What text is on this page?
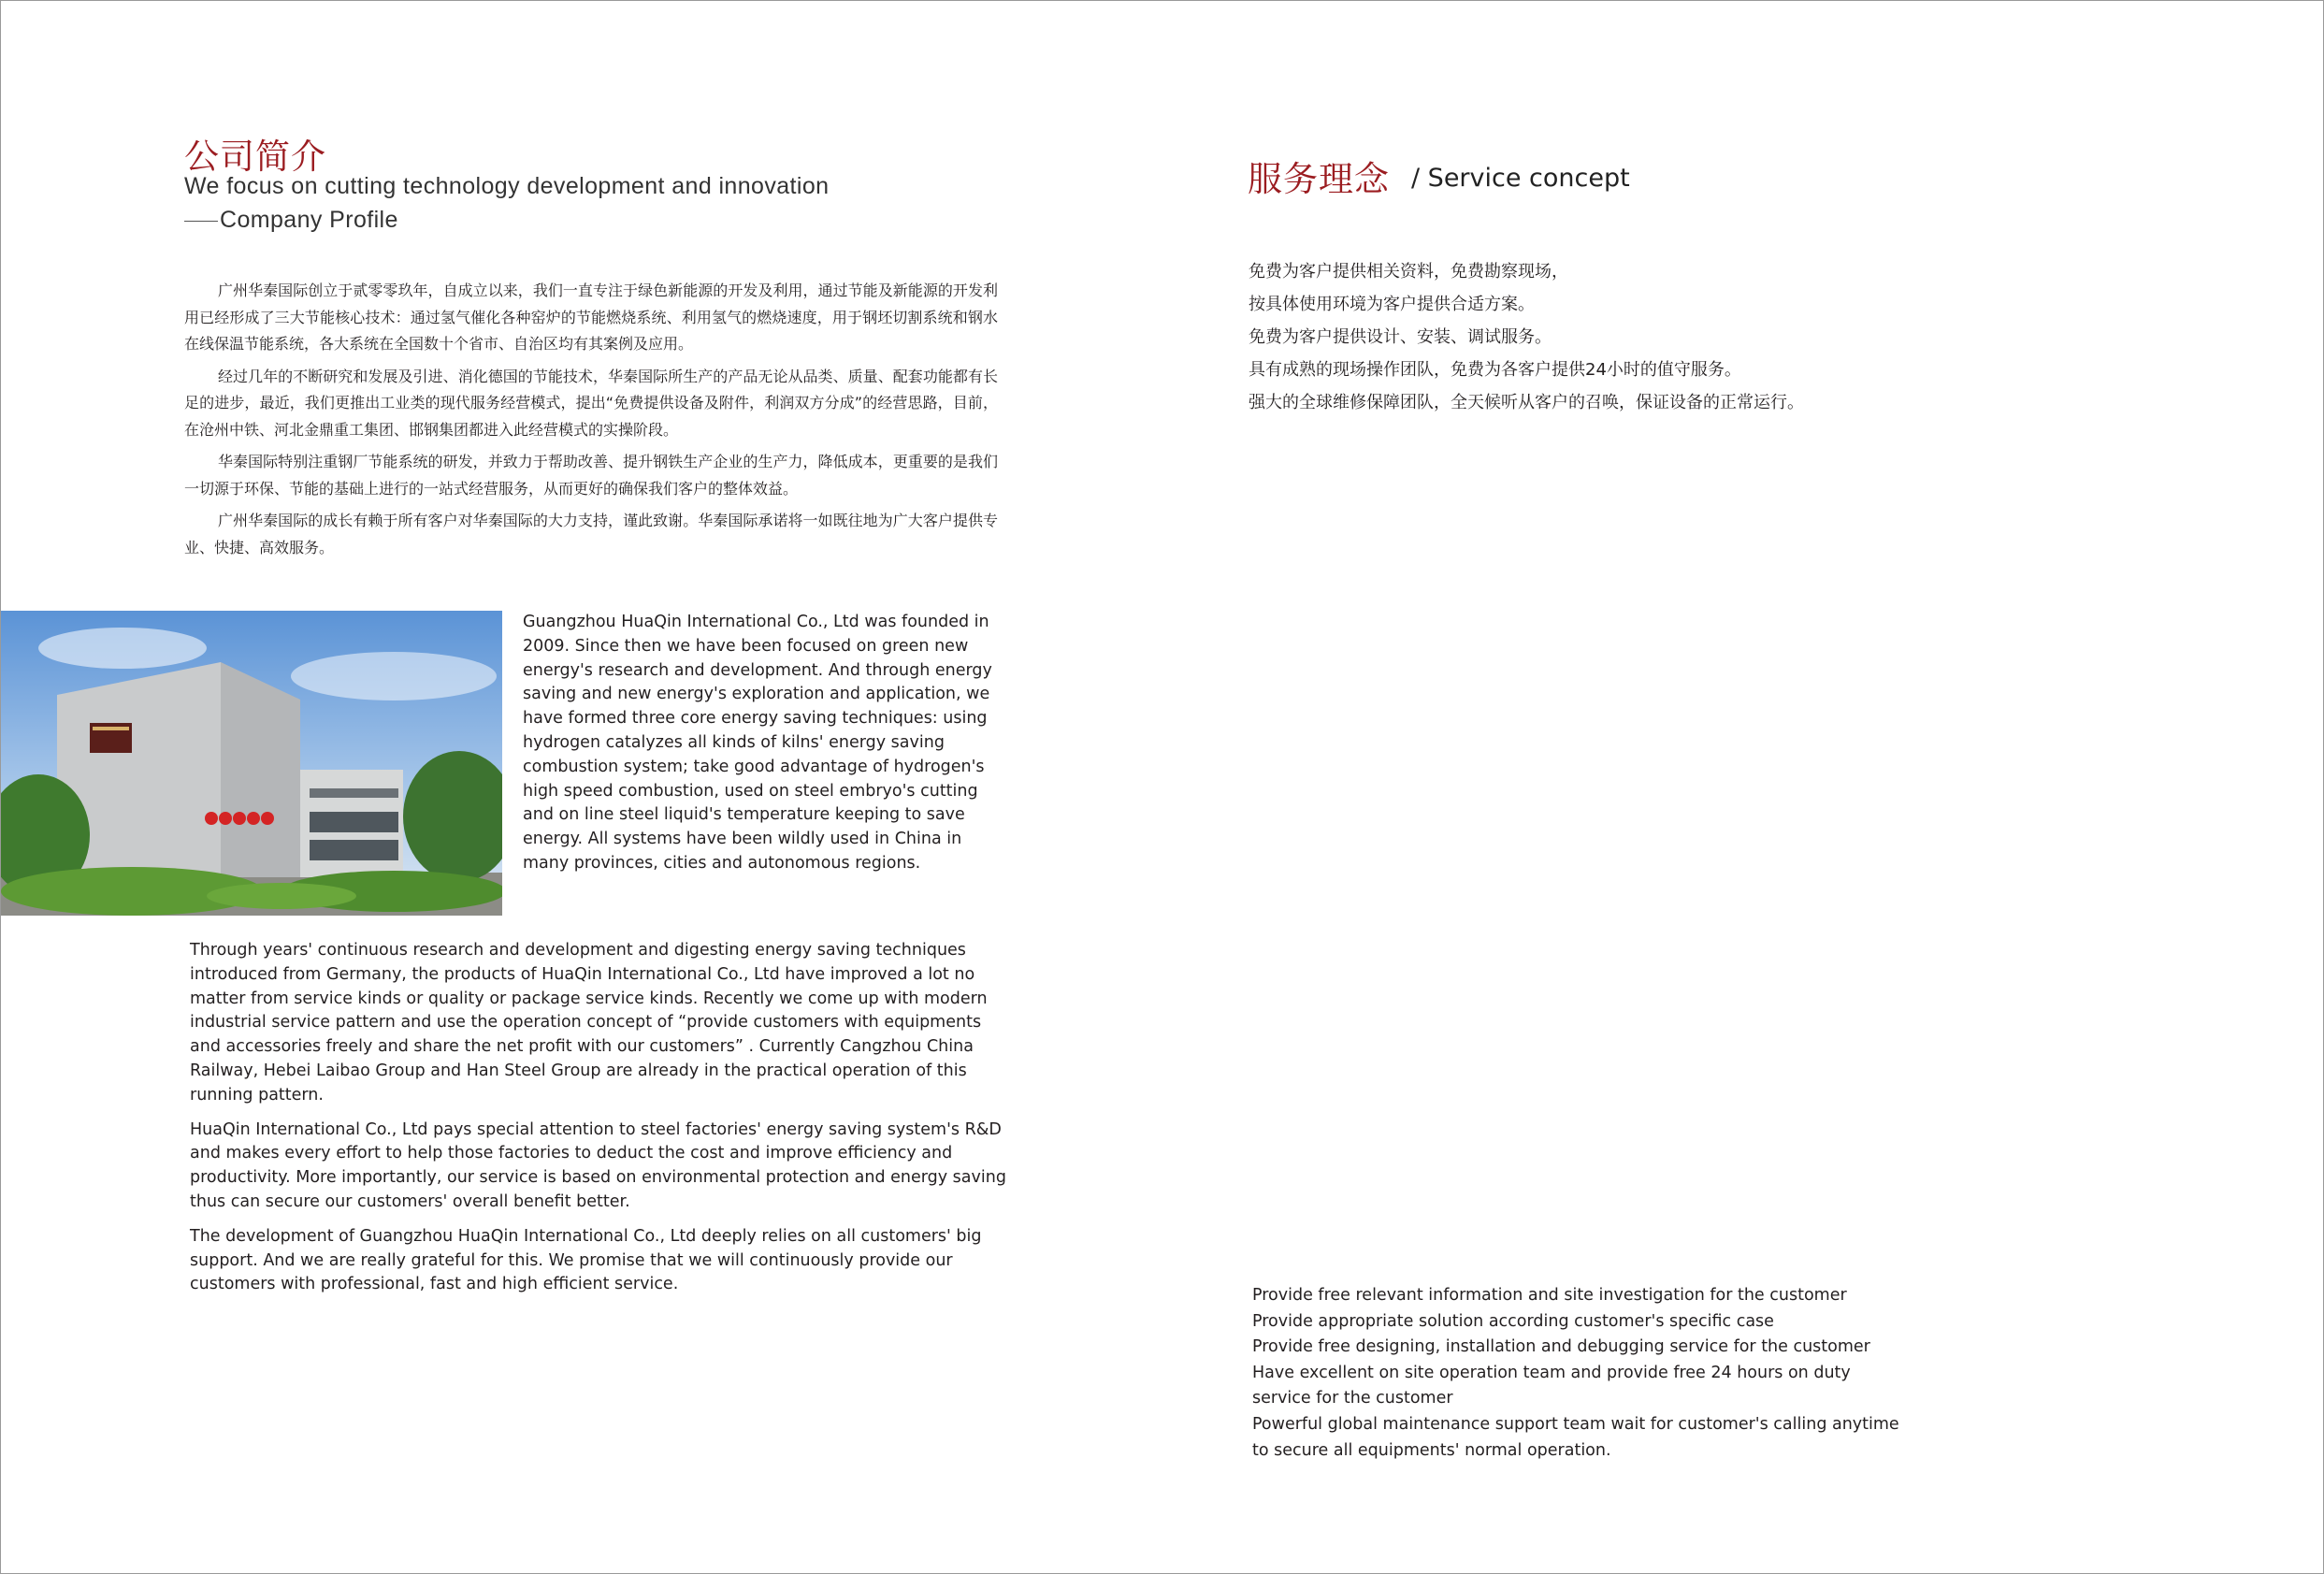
公司简介
We focus on cutting technology development and innovation
Company Profile

广州华秦国际创立于贰零零玖年，自成立以来，我们一直专注于绿色新能源的开发及利用，通过节能及新能源的开发利用已经形成了三大节能核心技术：通过氢气催化各种窑炉的节能燃烧系统、利用氢气的燃烧速度，用于钢坯切割系统和钢水在线保温节能系统，各大系统在全国数十个省市、自治区均有其案例及应用。

经过几年的不断研究和发展及引进、消化德国的节能技术，华秦国际所生产的产品无论从品类、质量、配套功能都有长足的进步，最近，我们更推出工业类的现代服务经营模式，提出“免费提供设备及附件，利润双方分成”的经营思路，目前，在沧州中铁、河北金鼎重工集团、邯钢集团都进入此经营模式的实操阶段。

华秦国际特别注重钢厂节能系统的研发，并致力于帮助改善、提升钢铁生产企业的生产力，降低成本，更重要的是我们一切源于环保、节能的基础上进行的一站式经营服务，从而更好的确保我们客户的整体效益。

广州华秦国际的成长有赖于所有客户对华秦国际的大力支持，谨此致谢。华秦国际承诺将一如既往地为广大客户提供专业、快捷、高效服务。

Guangzhou HuaQin International Co., Ltd was founded in 2009. Since then we have been focused on green new energy's research and development. And through energy saving and new energy's exploration and application, we have formed three core energy saving techniques: using hydrogen catalyzes all kinds of kilns' energy saving combustion system; take good advantage of hydrogen's high speed combustion, used on steel embryo's cutting and on line steel liquid's temperature keeping to save energy. All systems have been wildly used in China in many provinces, cities and autonomous regions.

Through years' continuous research and development and digesting energy saving techniques introduced from Germany, the products of HuaQin International Co., Ltd have improved a lot no matter from service kinds or quality or package service kinds. Recently we come up with modern industrial service pattern and use the operation concept of “provide customers with equipments and accessories freely and share the net profit with our customers” . Currently Cangzhou China Railway, Hebei Laibao Group and Han Steel Group are already in the practical operation of this running pattern.

HuaQin International Co., Ltd pays special attention to steel factories' energy saving system's R&D and makes every effort to help those factories to deduct the cost and improve efficiency and productivity. More importantly, our service is based on environmental protection and energy saving thus can secure our customers' overall benefit better.

The development of Guangzhou HuaQin International Co., Ltd deeply relies on all customers' big support. And we are really grateful for this. We promise that we will continuously provide our customers with professional, fast and high efficient service.

服务理念 / Service concept
免费为客户提供相关资料，免费勘察现场，
按具体使用环境为客户提供合适方案。
免费为客户提供设计、安装、调试服务。
具有成熟的现场操作团队，免费为各客户提供24小时的值守服务。
强大的全球维修保障团队，全天候听从客户的召唤，保证设备的正常运行。
Provide free relevant information and site investigation for the customer
Provide appropriate solution according customer's specific case
Provide free designing, installation and debugging service for the customer
Have excellent on site operation team and provide free 24 hours on duty service for the customer
Powerful global maintenance support team wait for customer's calling anytime to secure all equipments' normal operation.
